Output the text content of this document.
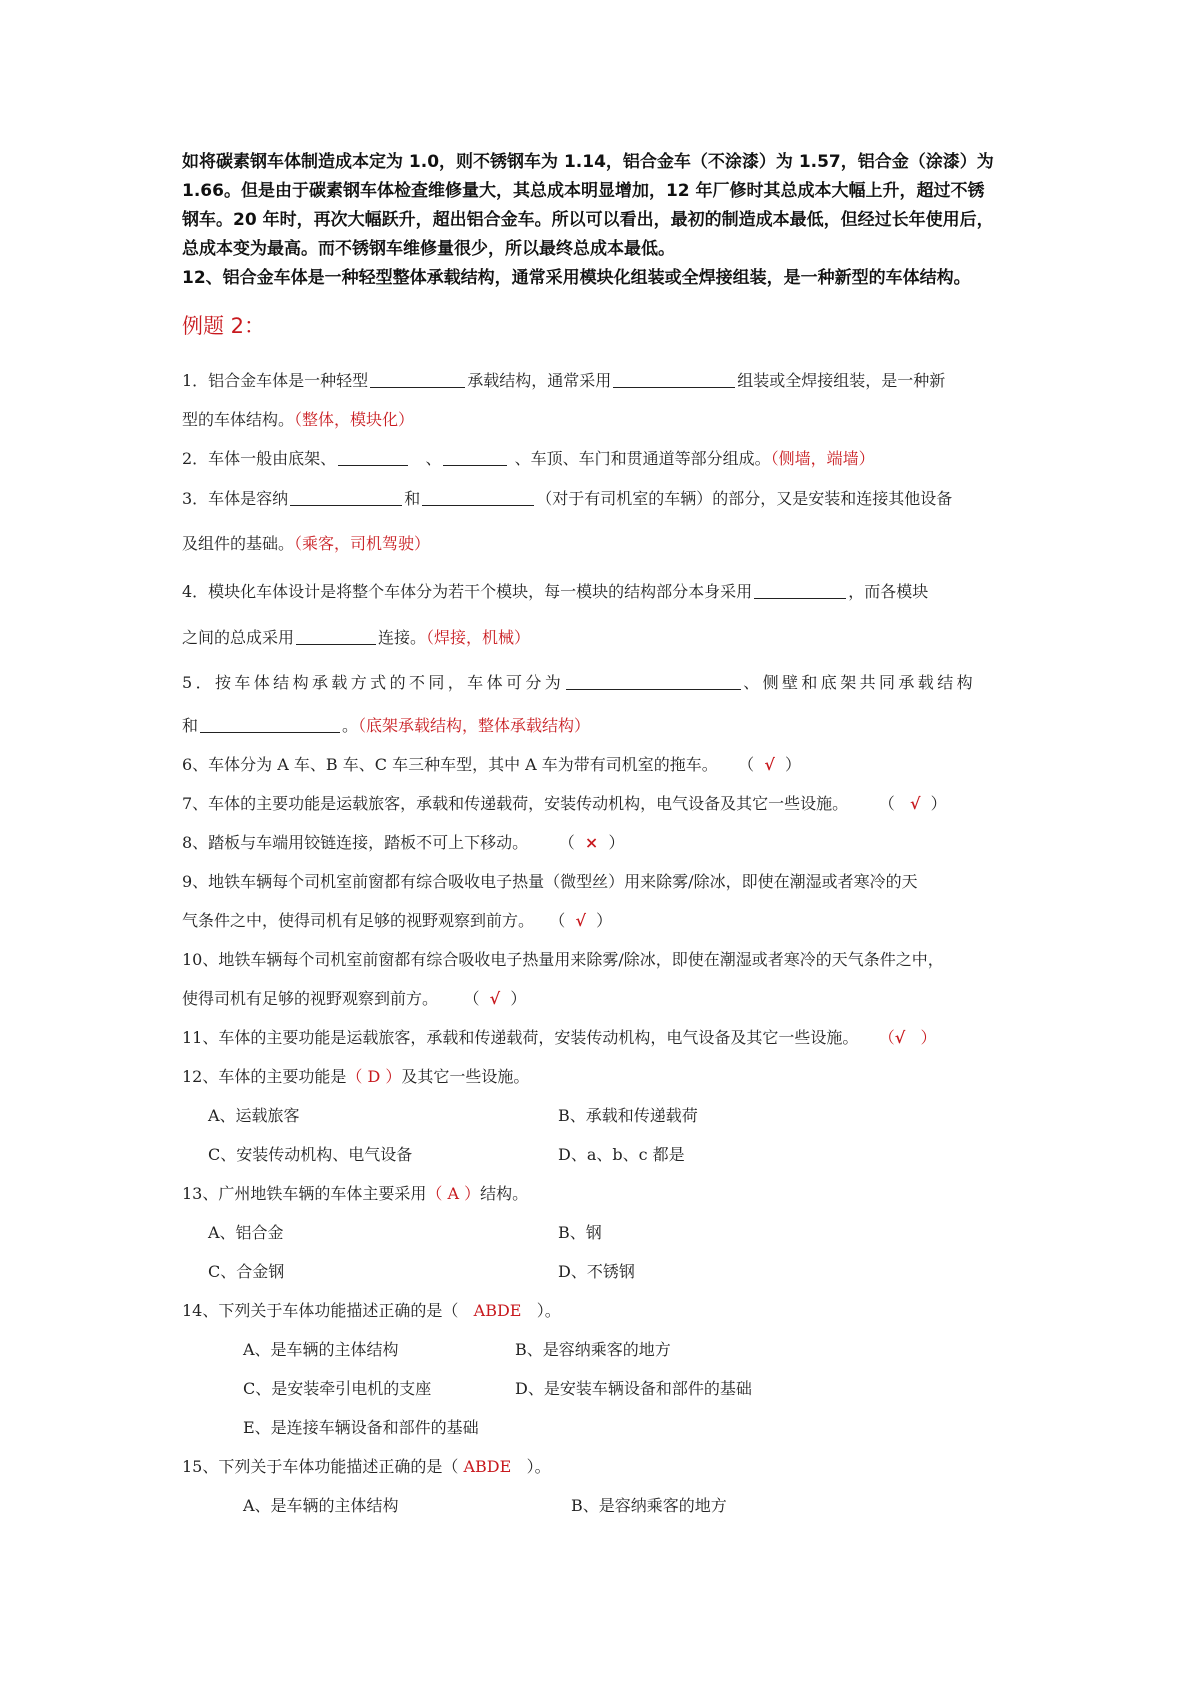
如将碳素钢车体制造成本定为 1.0，则不锈钢车为 1.14，铝合金车（不涂漆）为 1.57，铝合金（涂漆）为

1.66。但是由于碳素钢车体检查维修量大，其总成本明显增加，12 年厂修时其总成本大幅上升，超过不锈

钢车。20 年时，再次大幅跃升，超出铝合金车。所以可以看出，最初的制造成本最低，但经过长年使用后，

总成本变为最高。而不锈钢车维修量很少，所以最终总成本最低。

12、铝合金车体是一种轻型整体承载结构，通常采用模块化组装或全焊接组装，是一种新型的车体结构。

例题 2：

1．铝合金车体是一种轻型	承载结构，通常采用	组装或全焊接组装，是一种新

型的车体结构。（整体，模块化）

2．车体一般由底架、	、	、车顶、车门和贯通道等部分组成。（侧墙，端墙）

3．车体是容纳	和	（对于有司机室的车辆）的部分，又是安装和连接其他设备

及组件的基础。（乘客，司机驾驶）

4．模块化车体设计是将整个车体分为若干个模块，每一模块的结构部分本身采用	，而各模块

之间的总成采用	连接。（焊接，机械）

5．按车体结构承载方式的不同，车体可分为	、侧壁和底架共同承载结构

和	。（底架承载结构，整体承载结构）

6、车体分为 A 车、B 车、C 车三种车型，其中 A 车为带有司机室的拖车。 （ √ ）

7、车体的主要功能是运载旅客，承载和传递载荷，安装传动机构，电气设备及其它一些设施。 （ √ ）

8、踏板与车端用铰链连接，踏板不可上下移动。 （ × ）

9、地铁车辆每个司机室前窗都有综合吸收电子热量（微型丝）用来除雾/除冰，即使在潮湿或者寒冷的天

气条件之中，使得司机有足够的视野观察到前方。 （ √ ）

10、地铁车辆每个司机室前窗都有综合吸收电子热量用来除雾/除冰，即使在潮湿或者寒冷的天气条件之中，

使得司机有足够的视野观察到前方。 （ √ ）

11、车体的主要功能是运载旅客，承载和传递载荷，安装传动机构，电气设备及其它一些设施。 （√ ）

12、车体的主要功能是（ D ）及其它一些设施。

A、运载旅客	B、承载和传递载荷
C、安装传动机构、电气设备	D、a、b、c 都是

13、广州地铁车辆的车体主要采用（ A ）结构。

A、铝合金	B、钢
C、合金钢	D、不锈钢

14、下列关于车体功能描述正确的是（ ABDE ）。

A、是车辆的主体结构	B、是容纳乘客的地方
C、是安装牵引电机的支座	D、是安装车辆设备和部件的基础
E、是连接车辆设备和部件的基础

15、下列关于车体功能描述正确的是（ ABDE ）。

A、是车辆的主体结构	B、是容纳乘客的地方
